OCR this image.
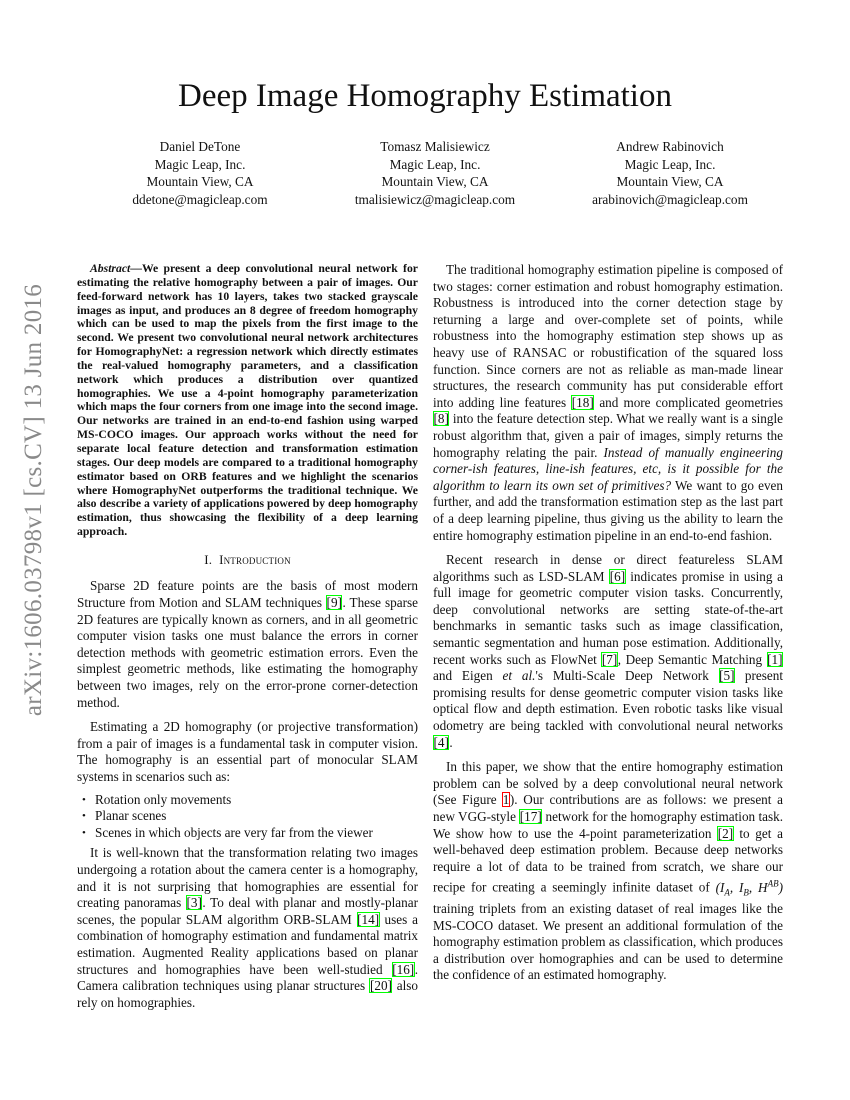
arXiv:1606.03798v1 [cs.CV] 13 Jun 2016
Deep Image Homography Estimation
Daniel DeTone
Magic Leap, Inc.
Mountain View, CA
ddetone@magicleap.com
Tomasz Malisiewicz
Magic Leap, Inc.
Mountain View, CA
tmalisiewicz@magicleap.com
Andrew Rabinovich
Magic Leap, Inc.
Mountain View, CA
arabinovich@magicleap.com

Abstract—We present a deep convolutional neural network for estimating the relative homography between a pair of images. Our feed-forward network has 10 layers, takes two stacked grayscale images as input, and produces an 8 degree of freedom homography which can be used to map the pixels from the first image to the second. We present two convolutional neural network architectures for HomographyNet: a regression network which directly estimates the real-valued homography parameters, and a classification network which produces a distribution over quantized homographies. We use a 4-point homography parameterization which maps the four corners from one image into the second image. Our networks are trained in an end-to-end fashion using warped MS-COCO images. Our approach works without the need for separate local feature detection and transformation estimation stages. Our deep models are compared to a traditional homography estimator based on ORB features and we highlight the scenarios where HomographyNet outperforms the traditional technique. We also describe a variety of applications powered by deep homography estimation, thus showcasing the flexibility of a deep learning approach.

I. Introduction

Sparse 2D feature points are the basis of most modern Structure from Motion and SLAM techniques [9]. These sparse 2D features are typically known as corners, and in all geometric computer vision tasks one must balance the errors in corner detection methods with geometric estimation errors. Even the simplest geometric methods, like estimating the homography between two images, rely on the error-prone corner-detection method.

Estimating a 2D homography (or projective transformation) from a pair of images is a fundamental task in computer vision. The homography is an essential part of monocular SLAM systems in scenarios such as:

• Rotation only movements
• Planar scenes
• Scenes in which objects are very far from the viewer

It is well-known that the transformation relating two images undergoing a rotation about the camera center is a homography, and it is not surprising that homographies are essential for creating panoramas [3]. To deal with planar and mostly-planar scenes, the popular SLAM algorithm ORB-SLAM [14] uses a combination of homography estimation and fundamental matrix estimation. Augmented Reality applications based on planar structures and homographies have been well-studied [16]. Camera calibration techniques using planar structures [20] also rely on homographies.

The traditional homography estimation pipeline is composed of two stages: corner estimation and robust homography estimation. Robustness is introduced into the corner detection stage by returning a large and over-complete set of points, while robustness into the homography estimation step shows up as heavy use of RANSAC or robustification of the squared loss function. Since corners are not as reliable as man-made linear structures, the research community has put considerable effort into adding line features [18] and more complicated geometries [8] into the feature detection step. What we really want is a single robust algorithm that, given a pair of images, simply returns the homography relating the pair. Instead of manually engineering corner-ish features, line-ish features, etc, is it possible for the algorithm to learn its own set of primitives? We want to go even further, and add the transformation estimation step as the last part of a deep learning pipeline, thus giving us the ability to learn the entire homography estimation pipeline in an end-to-end fashion.

Recent research in dense or direct featureless SLAM algorithms such as LSD-SLAM [6] indicates promise in using a full image for geometric computer vision tasks. Concurrently, deep convolutional networks are setting state-of-the-art benchmarks in semantic tasks such as image classification, semantic segmentation and human pose estimation. Additionally, recent works such as FlowNet [7], Deep Semantic Matching [1] and Eigen et al.'s Multi-Scale Deep Network [5] present promising results for dense geometric computer vision tasks like optical flow and depth estimation. Even robotic tasks like visual odometry are being tackled with convolutional neural networks [4].

In this paper, we show that the entire homography estimation problem can be solved by a deep convolutional neural network (See Figure 1). Our contributions are as follows: we present a new VGG-style [17] network for the homography estimation task. We show how to use the 4-point parameterization [2] to get a well-behaved deep estimation problem. Because deep networks require a lot of data to be trained from scratch, we share our recipe for creating a seemingly infinite dataset of ($I_A$, $I_B$, $H^{AB}$) training triplets from an existing dataset of real images like the MS-COCO dataset. We present an additional formulation of the homography estimation problem as classification, which produces a distribution over homographies and can be used to determine the confidence of an estimated homography.
